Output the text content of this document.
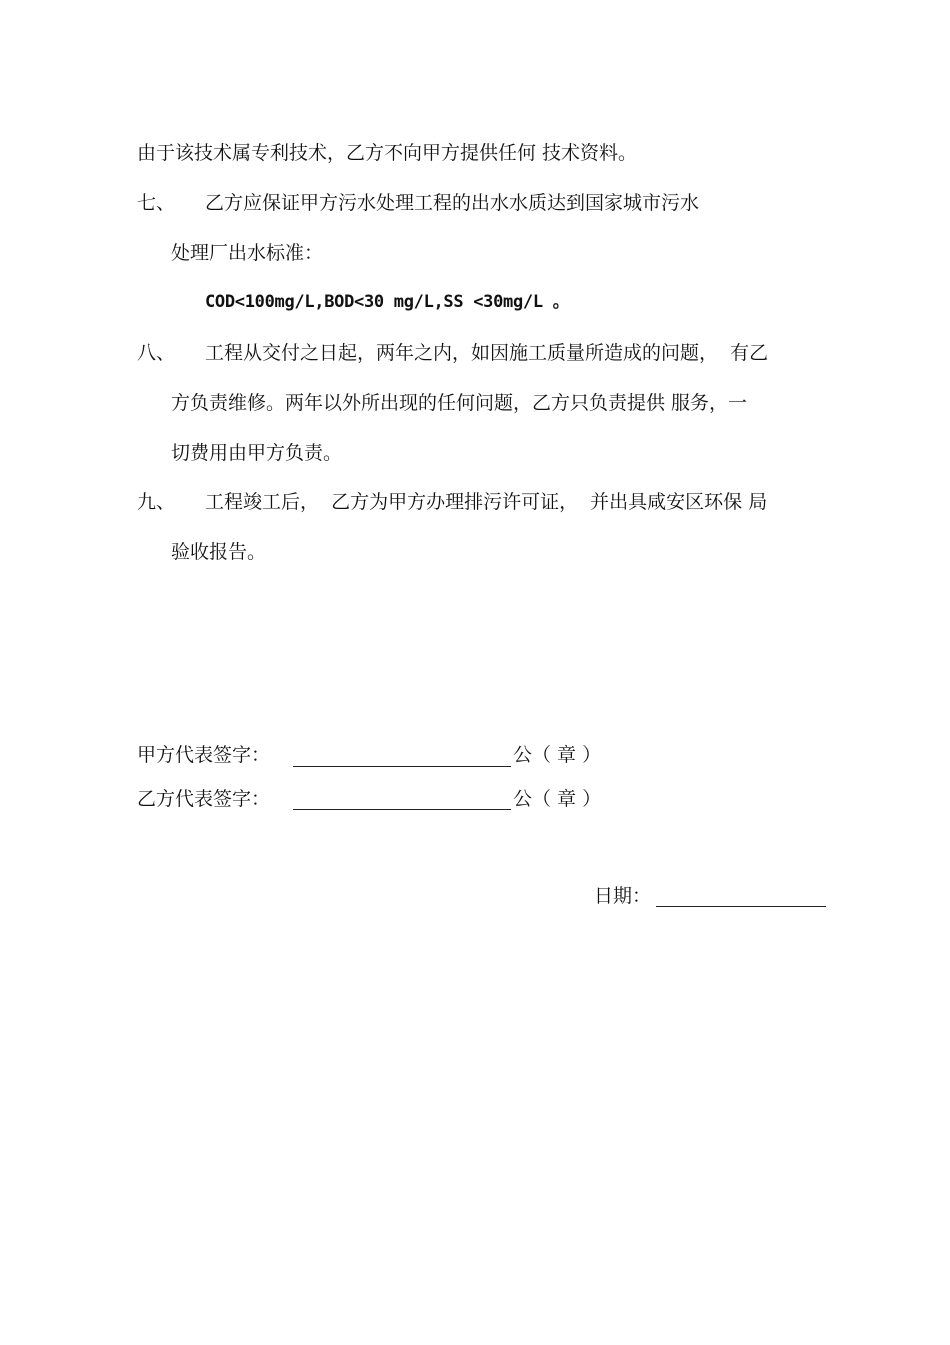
由于该技术属专利技术，乙方不向甲方提供任何 技术资料。
七、 乙方应保证甲方污水处理工程的出水水质达到国家城市污水
处理厂出水标准：
COD<100mg/L,BOD<30 mg/L,SS <30mg/L 。
八、 工程从交付之日起，两年之内，如因施工质量所造成的问题，  有乙
方负责维修。两年以外所出现的任何问题，乙方只负责提供 服务，一
切费用由甲方负责。
九、 工程竣工后，  乙方为甲方办理排污许可证，  并出具咸安区环保 局
验收报告。
甲方代表签字：	公（ 章 ）
乙方代表签字：	公（ 章 ）
日期：
